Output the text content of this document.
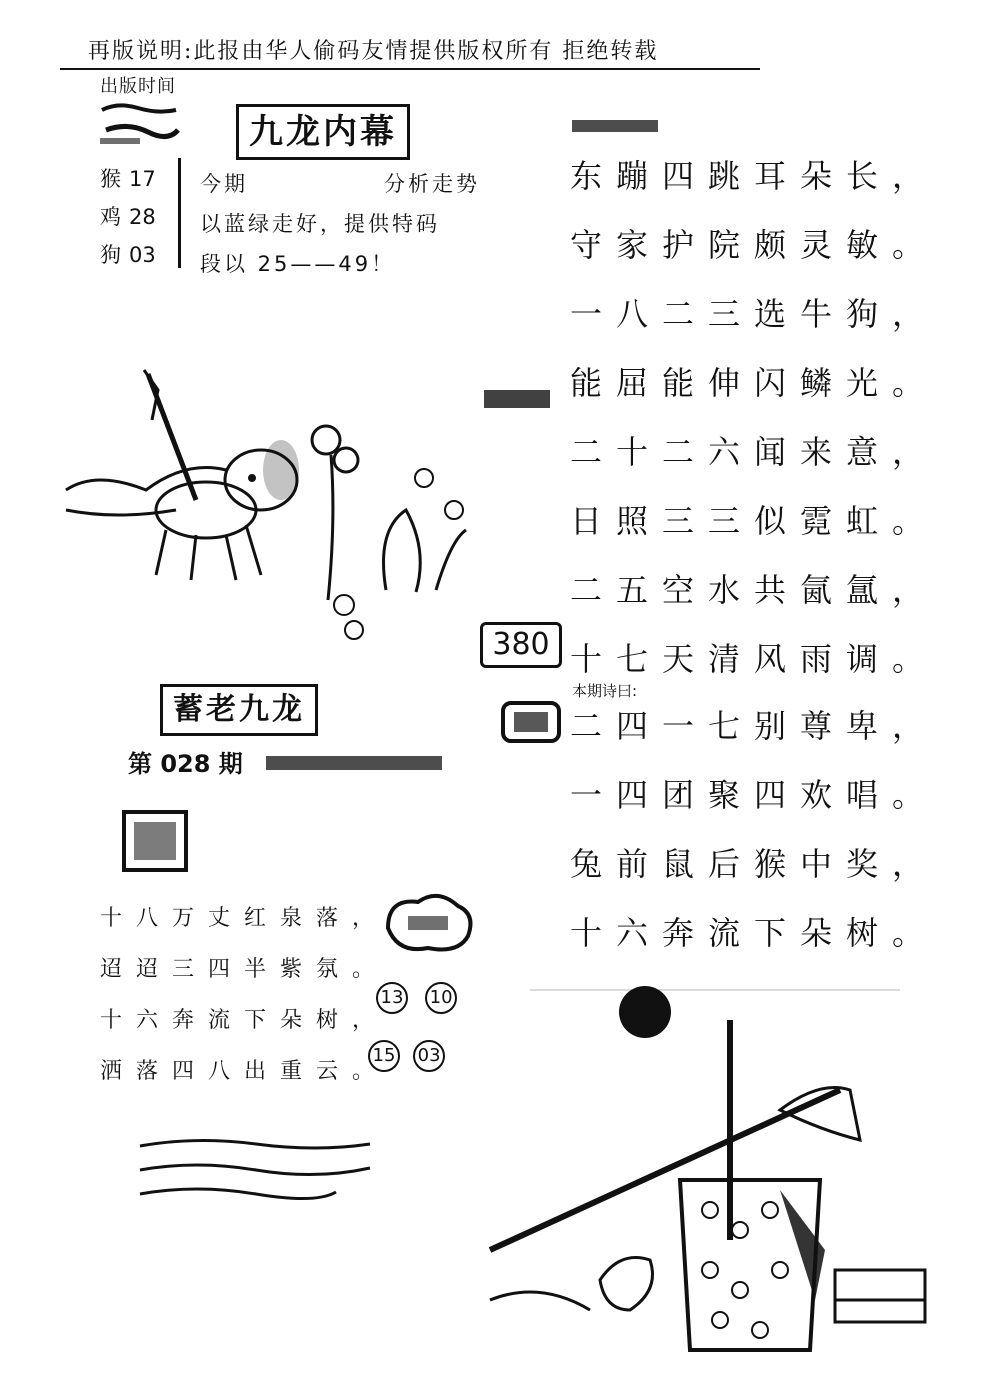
再版说明:此报由华人偷码友情提供版权所有 拒绝转载
出版时间
九龙内幕
猴 17
鸡 28
狗 03
今期	分析走势
以蓝绿走好，提供特码
段以 25——49！
东蹦四跳耳朵长，
守家护院颇灵敏。
一八二三选牛狗，
能屈能伸闪鳞光。
二十二六闻来意，
日照三三似霓虹。
二五空水共氤氲，
十七天清风雨调。
本期诗曰:
二四一七别尊卑，
一四团聚四欢唱。
兔前鼠后猴中奖，
十六奔流下朵树。
380
蓄老九龙
第 028 期
十八万丈红泉落，
迢迢三四半紫氛。
十六奔流下朵树，
洒落四八出重云。
13 10
15 03
